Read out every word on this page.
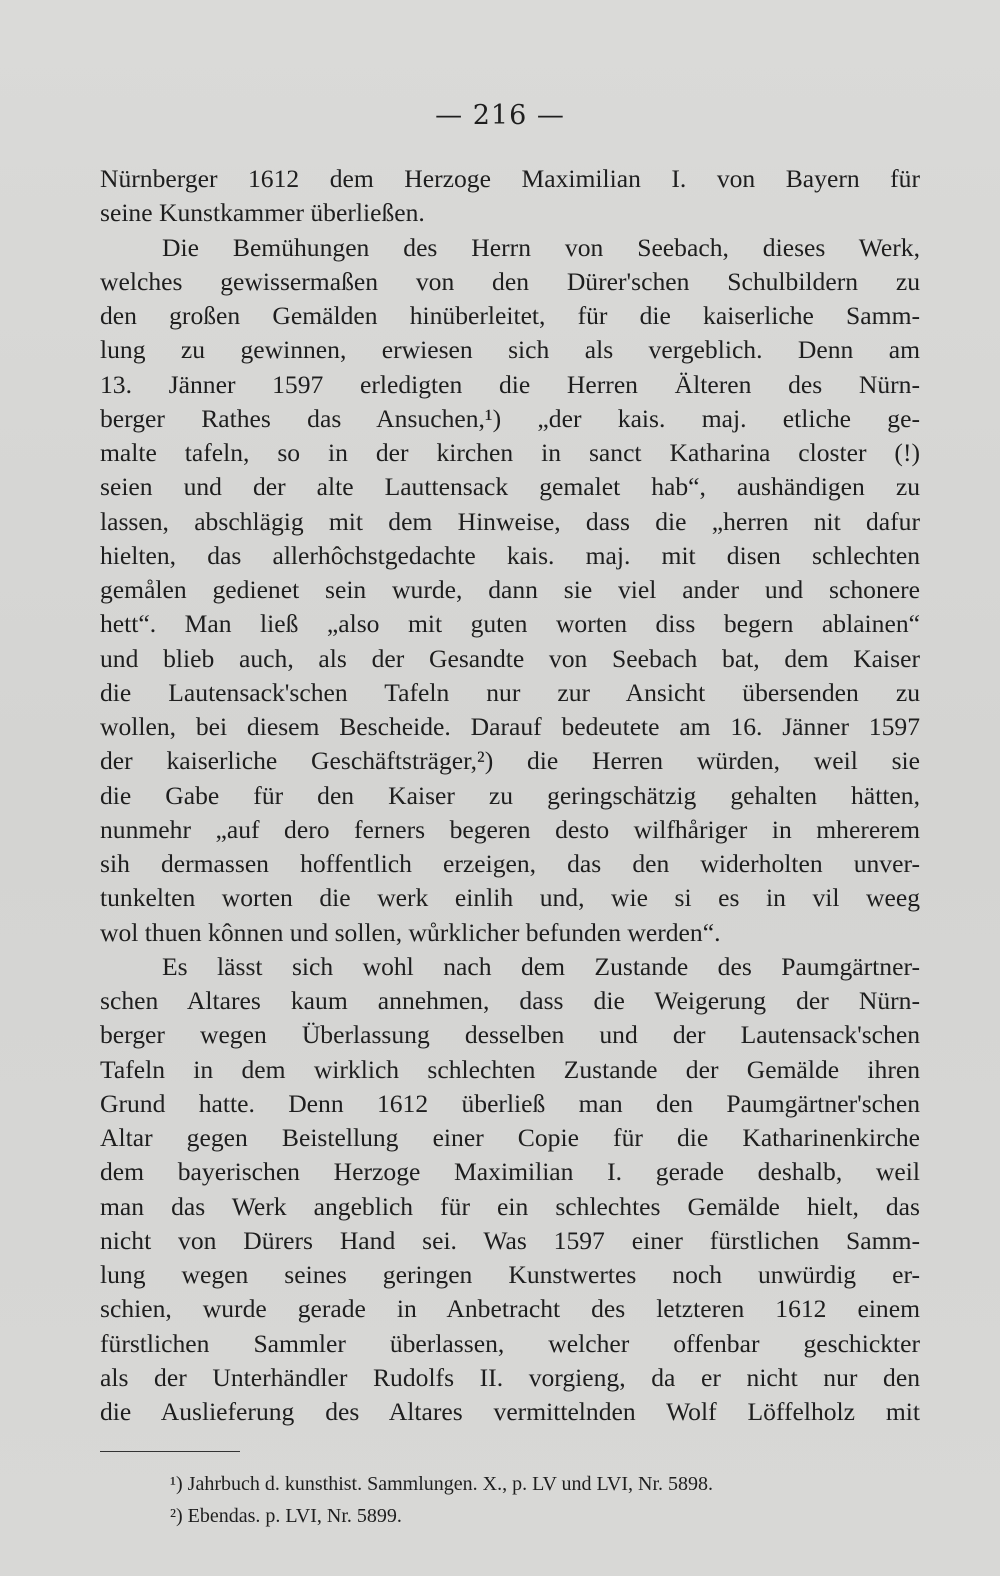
— 216 —
Nürnberger 1612 dem Herzoge Maximilian I. von Bayern für
seine Kunstkammer überließen.
Die Bemühungen des Herrn von Seebach, dieses Werk,
welches gewissermaßen von den Dürer'schen Schulbildern zu
den großen Gemälden hinüberleitet, für die kaiserliche Samm-
lung zu gewinnen, erwiesen sich als vergeblich. Denn am
13. Jänner 1597 erledigten die Herren Älteren des Nürn-
berger Rathes das Ansuchen,¹) „der kais. maj. etliche ge-
malte tafeln, so in der kirchen in sanct Katharina closter (!)
seien und der alte Lauttensack gemalet hab“, aushändigen zu
lassen, abschlägig mit dem Hinweise, dass die „herren nit dafur
hielten, das allerhôchstgedachte kais. maj. mit disen schlechten
gemålen gedienet sein wurde, dann sie viel ander und schonere
hett“. Man ließ „also mit guten worten diss begern ablainen“
und blieb auch, als der Gesandte von Seebach bat, dem Kaiser
die Lautensack'schen Tafeln nur zur Ansicht übersenden zu
wollen, bei diesem Bescheide. Darauf bedeutete am 16. Jänner 1597
der kaiserliche Geschäftsträger,²) die Herren würden, weil sie
die Gabe für den Kaiser zu geringschätzig gehalten hätten,
nunmehr „auf dero ferners begeren desto wilfhåriger in mhererem
sih dermassen hoffentlich erzeigen, das den widerholten unver-
tunkelten worten die werk einlih und, wie si es in vil weeg
wol thuen kônnen und sollen, wůrklicher befunden werden“.
Es lässt sich wohl nach dem Zustande des Paumgärtner-
schen Altares kaum annehmen, dass die Weigerung der Nürn-
berger wegen Überlassung desselben und der Lautensack'schen
Tafeln in dem wirklich schlechten Zustande der Gemälde ihren
Grund hatte. Denn 1612 überließ man den Paumgärtner'schen
Altar gegen Beistellung einer Copie für die Katharinenkirche
dem bayerischen Herzoge Maximilian I. gerade deshalb, weil
man das Werk angeblich für ein schlechtes Gemälde hielt, das
nicht von Dürers Hand sei. Was 1597 einer fürstlichen Samm-
lung wegen seines geringen Kunstwertes noch unwürdig er-
schien, wurde gerade in Anbetracht des letzteren 1612 einem
fürstlichen Sammler überlassen, welcher offenbar geschickter
als der Unterhändler Rudolfs II. vorgieng, da er nicht nur den
die Auslieferung des Altares vermittelnden Wolf Löffelholz mit
¹) Jahrbuch d. kunsthist. Sammlungen. X., p. LV und LVI, Nr. 5898.
²) Ebendas. p. LVI, Nr. 5899.
